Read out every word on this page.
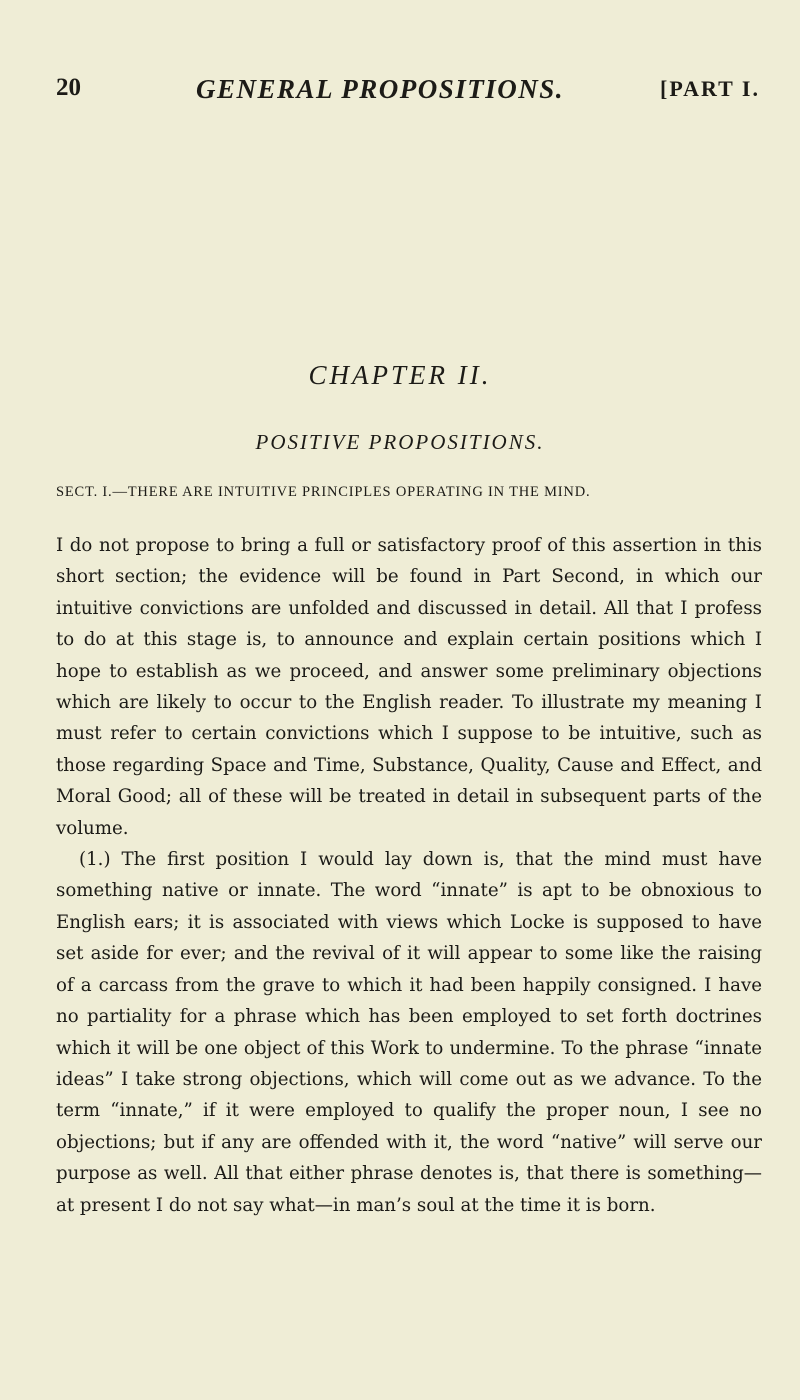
20	GENERAL PROPOSITIONS.	[PART I.
CHAPTER II.
POSITIVE PROPOSITIONS.
SECT. I.—THERE ARE INTUITIVE PRINCIPLES OPERATING IN THE MIND.

I do not propose to bring a full or satisfactory proof of this assertion in this short section; the evidence will be found in Part Second, in which our intuitive convictions are unfolded and discussed in detail. All that I profess to do at this stage is, to announce and explain certain positions which I hope to establish as we proceed, and answer some preliminary objections which are likely to occur to the English reader. To illustrate my meaning I must refer to certain convictions which I suppose to be intuitive, such as those regarding Space and Time, Substance, Quality, Cause and Effect, and Moral Good; all of these will be treated in detail in subsequent parts of the volume.

(1.) The first position I would lay down is, that the mind must have something native or innate. The word “innate” is apt to be obnoxious to English ears; it is associated with views which Locke is supposed to have set aside for ever; and the revival of it will appear to some like the raising of a carcass from the grave to which it had been happily consigned. I have no partiality for a phrase which has been employed to set forth doctrines which it will be one object of this Work to undermine. To the phrase “innate ideas” I take strong objections, which will come out as we advance. To the term “innate,” if it were employed to qualify the proper noun, I see no objections; but if any are offended with it, the word “native” will serve our purpose as well. All that either phrase denotes is, that there is something—at present I do not say what—in man’s soul at the time it is born.
